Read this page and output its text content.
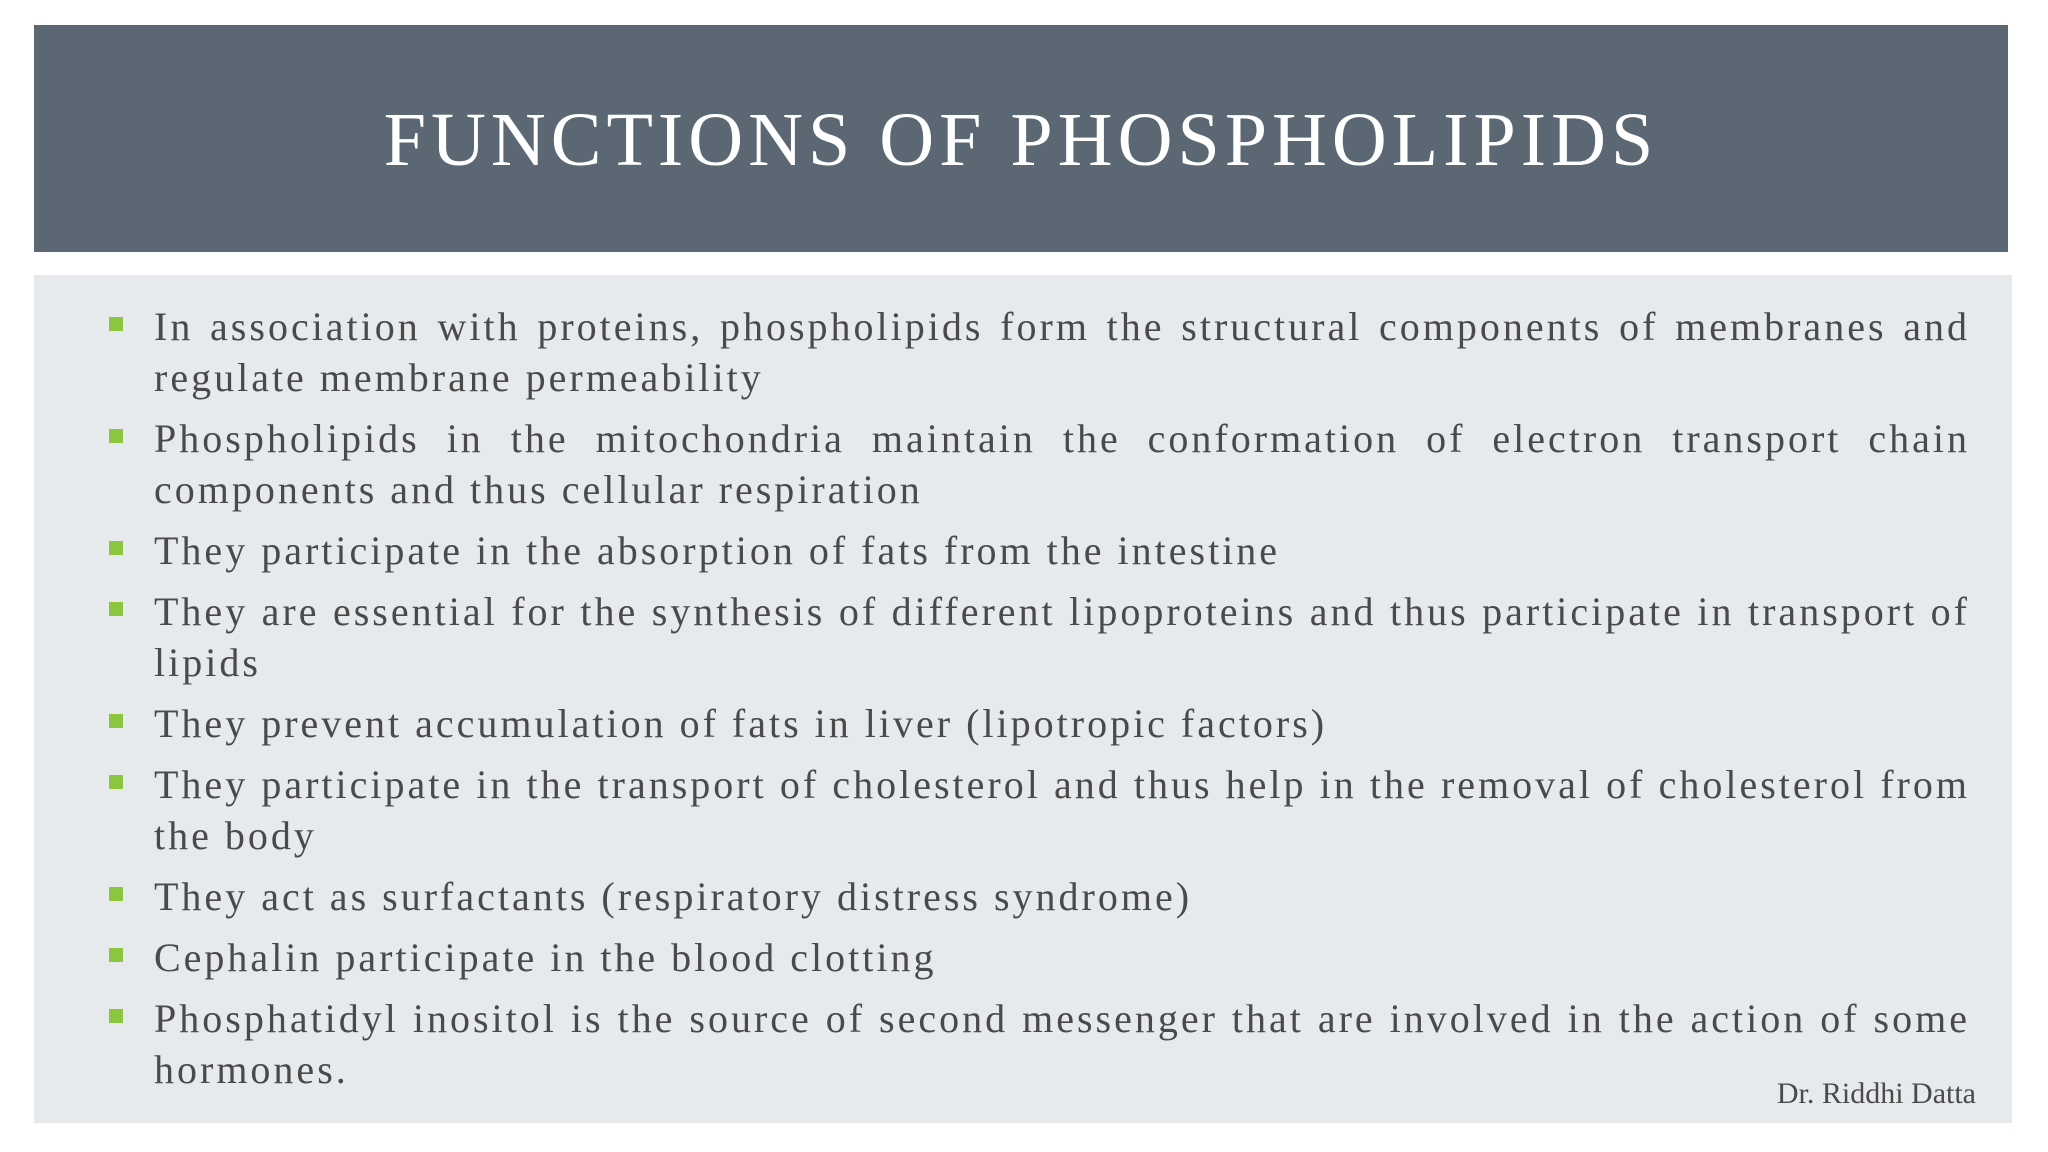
FUNCTIONS OF PHOSPHOLIPIDS
In association with proteins, phospholipids form the structural components of membranes and regulate membrane permeability
Phospholipids in the mitochondria maintain the conformation of electron transport chain components and thus cellular respiration
They participate in the absorption of fats from the intestine
They are essential for the synthesis of different lipoproteins and thus participate in transport of lipids
They prevent accumulation of fats in liver (lipotropic factors)
They participate in the transport of cholesterol and thus help in the removal of cholesterol from the body
They act as surfactants (respiratory distress syndrome)
Cephalin participate in the blood clotting
Phosphatidyl inositol is the source of second messenger that are involved in the action of some hormones.

Dr. Riddhi Datta
